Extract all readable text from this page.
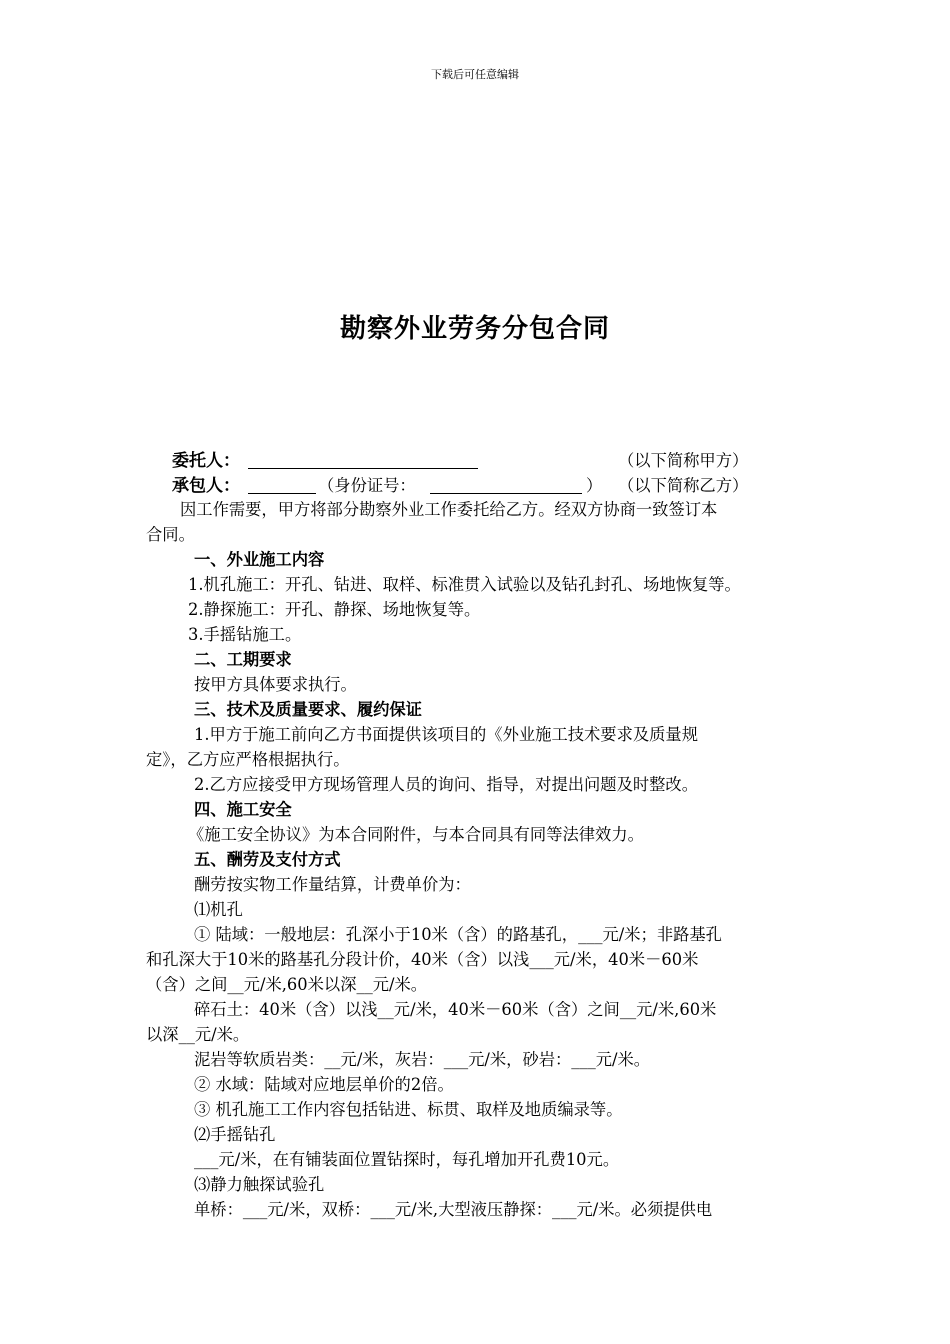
下载后可任意编辑
勘察外业劳务分包合同
委托人：	（以下简称甲方）
承包人：	（身份证号：	） （以下简称乙方）
因工作需要，甲方将部分勘察外业工作委托给乙方。经双方协商一致签订本
合同。
一、外业施工内容
1.机孔施工：开孔、钻进、取样、标准贯入试验以及钻孔封孔、场地恢复等。
2.静探施工：开孔、静探、场地恢复等。
3.手摇钻施工。
二、工期要求
按甲方具体要求执行。
三、技术及质量要求、履约保证
1.甲方于施工前向乙方书面提供该项目的《外业施工技术要求及质量规
定》，乙方应严格根据执行。
2.乙方应接受甲方现场管理人员的询问、指导，对提出问题及时整改。
四、施工安全
《施工安全协议》为本合同附件，与本合同具有同等法律效力。
五、酬劳及支付方式
酬劳按实物工作量结算，计费单价为：
⑴机孔
① 陆域：一般地层：孔深小于10米（含）的路基孔，___元/米；非路基孔
和孔深大于10米的路基孔分段计价，40米（含）以浅___元/米，40米－60米
（含）之间__元/米,60米以深__元/米。
碎石土：40米（含）以浅__元/米，40米－60米（含）之间__元/米,60米
以深__元/米。
泥岩等软质岩类：__元/米，灰岩：___元/米，砂岩：___元/米。
② 水域：陆域对应地层单价的2倍。
③ 机孔施工工作内容包括钻进、标贯、取样及地质编录等。
⑵手摇钻孔
___元/米，在有铺装面位置钻探时，每孔增加开孔费10元。
⑶静力触探试验孔
单桥：___元/米，双桥：___元/米,大型液压静探：___元/米。必须提供电
